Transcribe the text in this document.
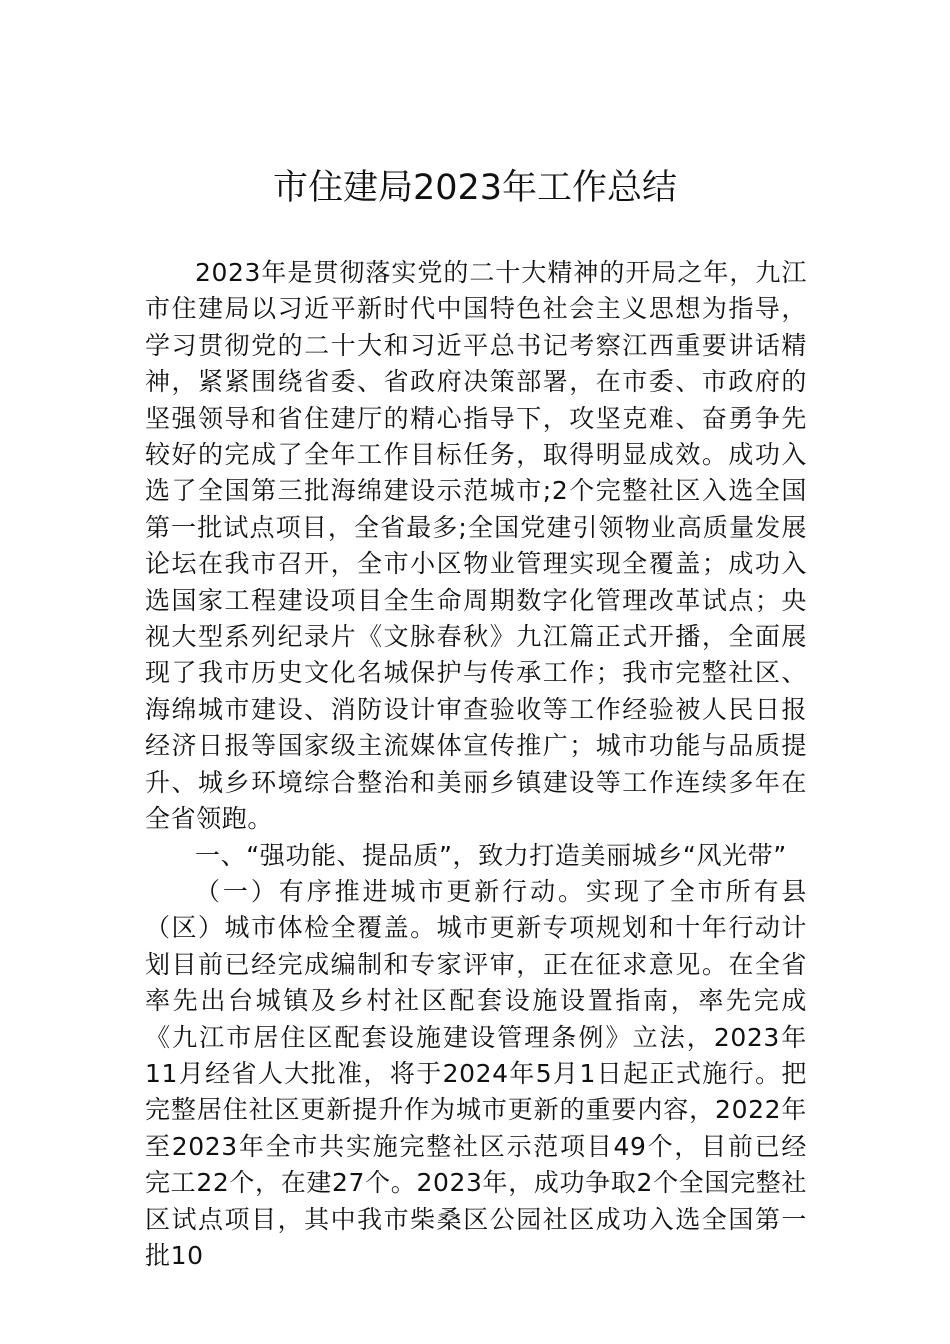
市住建局2023年工作总结

2023年是贯彻落实党的二十大精神的开局之年，九江市住建局以习近平新时代中国特色社会主义思想为指导，学习贯彻党的二十大和习近平总书记考察江西重要讲话精神，紧紧围绕省委、省政府决策部署，在市委、市政府的坚强领导和省住建厅的精心指导下，攻坚克难、奋勇争先较好的完成了全年工作目标任务，取得明显成效。成功入选了全国第三批海绵建设示范城市;2个完整社区入选全国第一批试点项目，全省最多;全国党建引领物业高质量发展论坛在我市召开，全市小区物业管理实现全覆盖；成功入选国家工程建设项目全生命周期数字化管理改革试点；央视大型系列纪录片《文脉春秋》九江篇正式开播，全面展现了我市历史文化名城保护与传承工作；我市完整社区、海绵城市建设、消防设计审查验收等工作经验被人民日报经济日报等国家级主流媒体宣传推广；城市功能与品质提升、城乡环境综合整治和美丽乡镇建设等工作连续多年在全省领跑。

一、“强功能、提品质”，致力打造美丽城乡“风光带”

（一）有序推进城市更新行动。实现了全市所有县（区）城市体检全覆盖。城市更新专项规划和十年行动计划目前已经完成编制和专家评审，正在征求意见。在全省率先出台城镇及乡村社区配套设施设置指南，率先完成《九江市居住区配套设施建设管理条例》立法，2023年11月经省人大批准，将于2024年5月1日起正式施行。把完整居住社区更新提升作为城市更新的重要内容，2022年至2023年全市共实施完整社区示范项目49个，目前已经完工22个，在建27个。2023年，成功争取2个全国完整社区试点项目，其中我市柴桑区公园社区成功入选全国第一批10
